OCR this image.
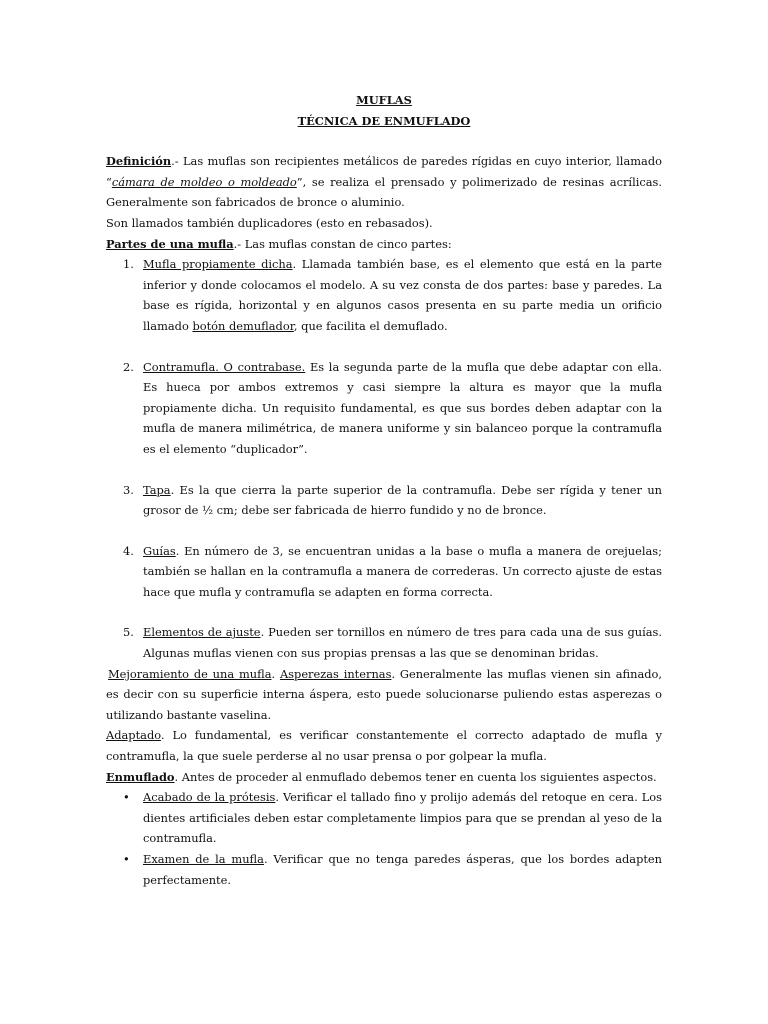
MUFLAS
TÉCNICA DE ENMUFLADO

Definición.- Las muflas son recipientes metálicos de paredes rígidas en cuyo interior, llamado “cámara de moldeo o moldeado”, se realiza el prensado y polimerizado de resinas acrílicas. Generalmente son fabricados de bronce o aluminio.

Son llamados también duplicadores (esto en rebasados).

Partes de una mufla.- Las muflas constan de cinco partes:

1. Mufla propiamente dicha. Llamada también base, es el elemento que está en la parte inferior y donde colocamos el modelo. A su vez consta de dos partes: base y paredes. La base es rígida, horizontal y en algunos casos presenta en su parte media un orificio llamado botón demuflador, que facilita el demuflado.
2. Contramufla. O contrabase. Es la segunda parte de la mufla que debe adaptar con ella. Es hueca por ambos extremos y casi siempre la altura es mayor que la mufla propiamente dicha. Un requisito fundamental, es que sus bordes deben adaptar con la mufla de manera milimétrica, de manera uniforme y sin balanceo porque la contramufla es el elemento “duplicador”.
3. Tapa. Es la que cierra la parte superior de la contramufla. Debe ser rígida y tener un grosor de ½ cm; debe ser fabricada de hierro fundido y no de bronce.
4. Guías. En número de 3, se encuentran unidas a la base o mufla a manera de orejuelas; también se hallan en la contramufla a manera de correderas. Un correcto ajuste de estas hace que mufla y contramufla se adapten en forma correcta.
5. Elementos de ajuste. Pueden ser tornillos en número de tres para cada una de sus guías. Algunas muflas vienen con sus propias prensas a las que se denominan bridas.

Mejoramiento de una mufla. Asperezas internas. Generalmente las muflas vienen sin afinado, es decir con su superficie interna áspera, esto puede solucionarse puliendo estas asperezas o utilizando bastante vaselina.

Adaptado. Lo fundamental, es verificar constantemente el correcto adaptado de mufla y contramufla, la que suele perderse al no usar prensa o por golpear la mufla.

Enmuflado. Antes de proceder al enmuflado debemos tener en cuenta los siguientes aspectos.

• Acabado de la prótesis. Verificar el tallado fino y prolijo además del retoque en cera. Los dientes artificiales deben estar completamente limpios para que se prendan al yeso de la contramufla.
• Examen de la mufla. Verificar que no tenga paredes ásperas, que los bordes adapten perfectamente.
